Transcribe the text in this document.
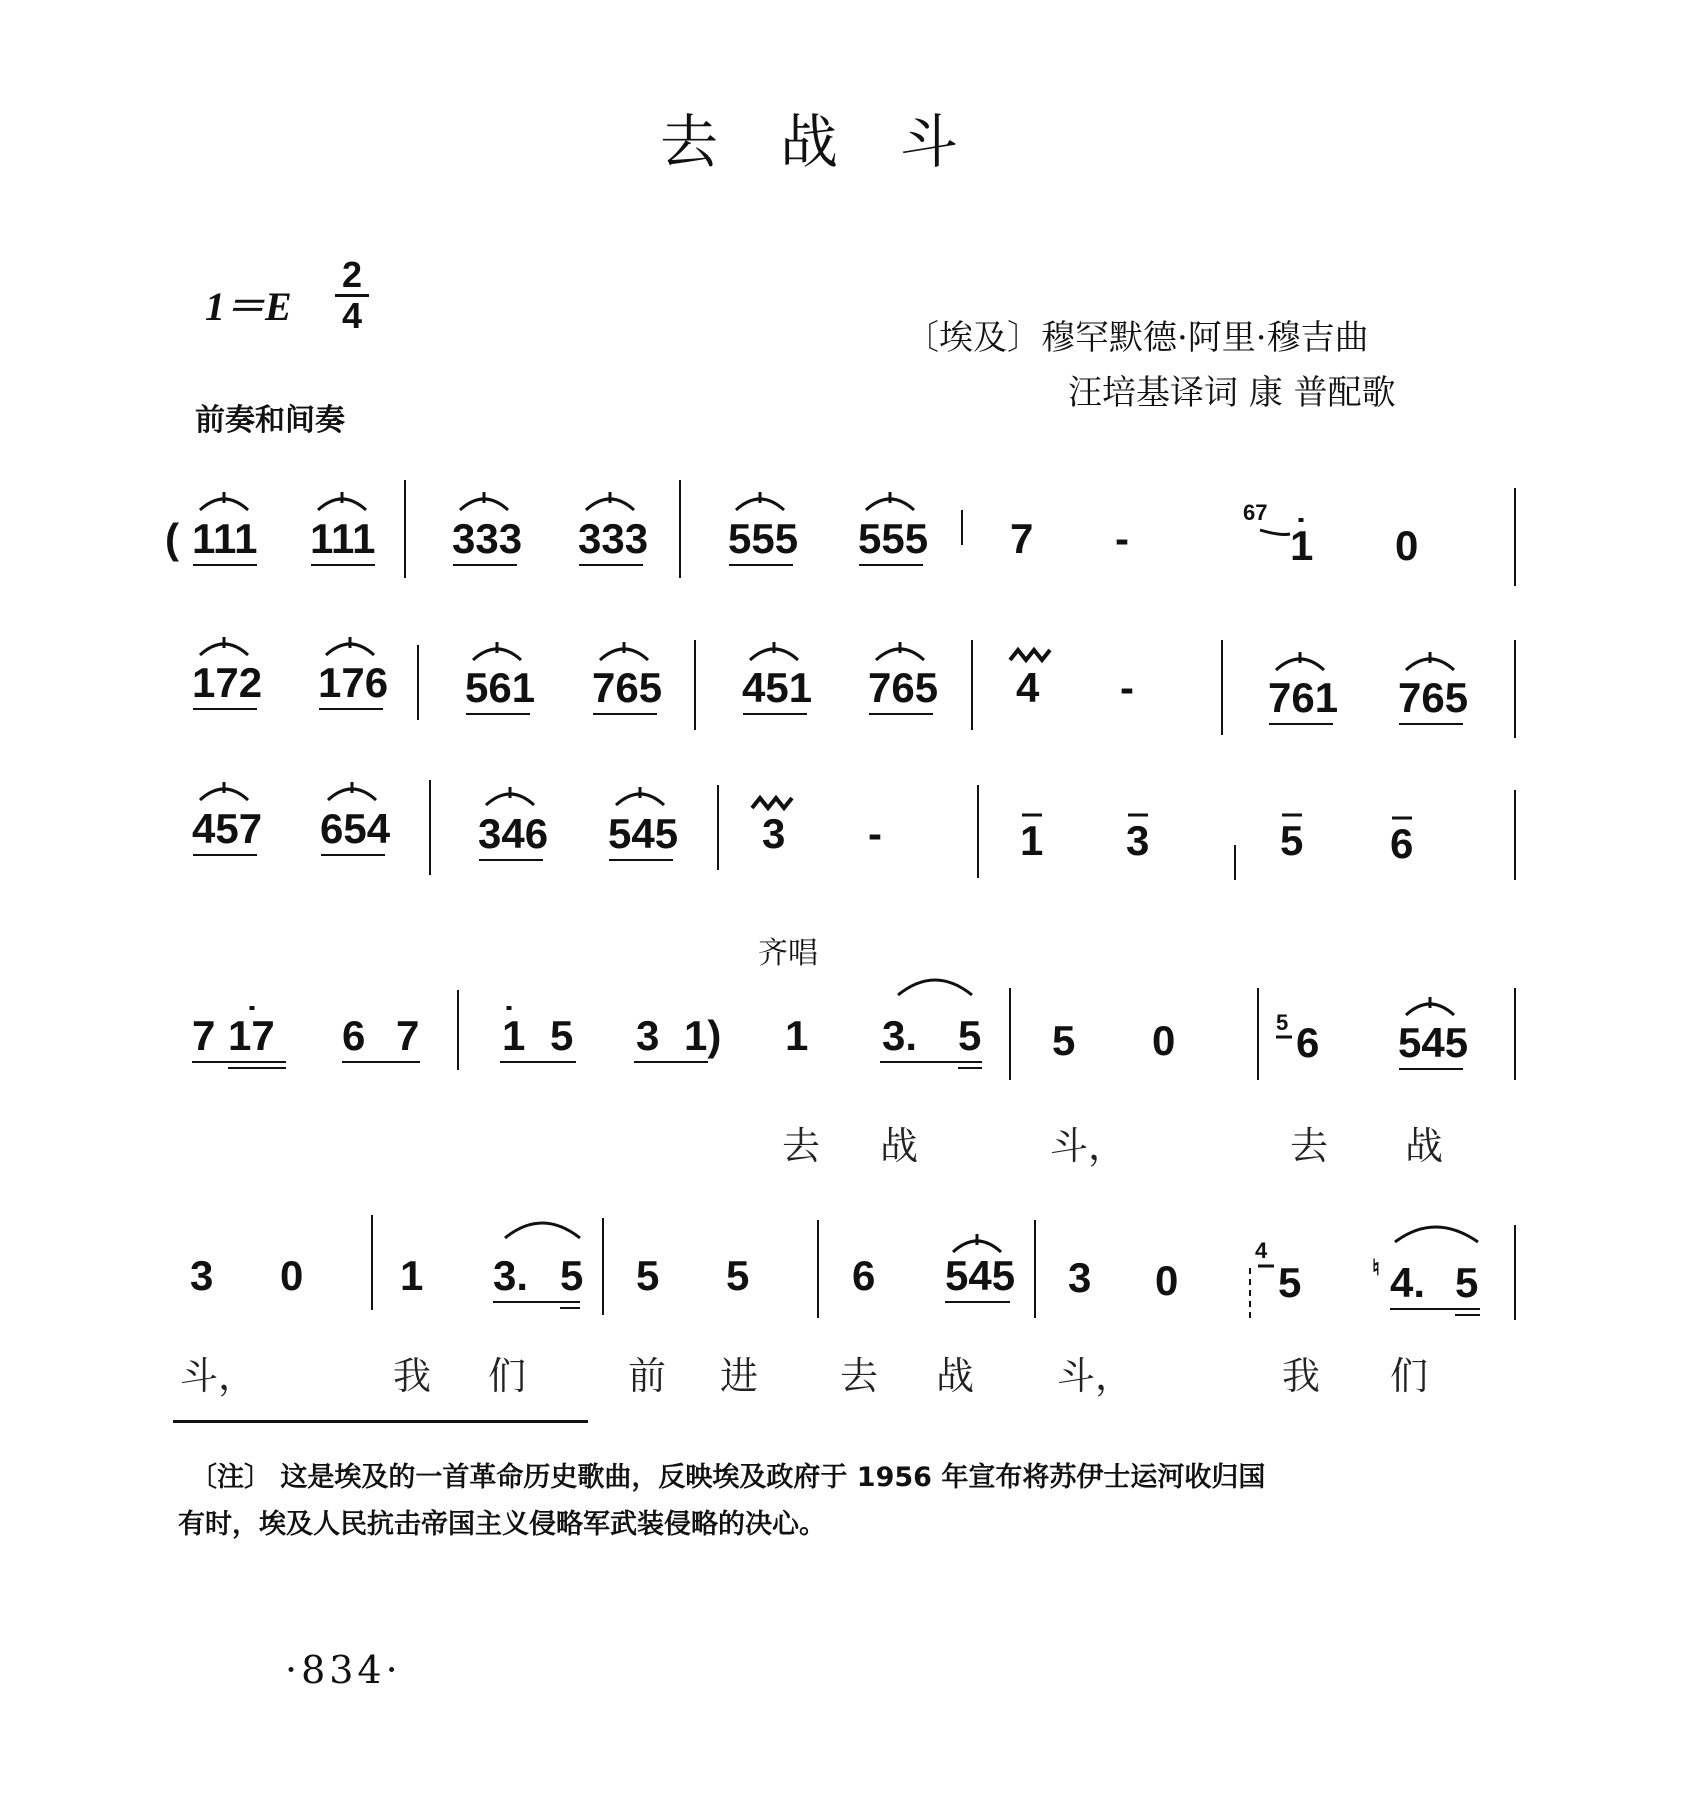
去战斗
1＝E
2
4
〔埃及〕穆罕默德·阿里·穆吉曲
汪培基译词 康 普配歌
前奏和间奏
( 111 111 333 333 555 555 7 -
67
1 0
172 176 561 765 451 765 4 -	761 765
457 654 346 545 3 -	1 3	5 6
7 17 6 7 1 5 3 1) 1 3. 5 5 0	5 6 545
3 0 1 3. 5 5 5 6 545 3 0
4
5	♮ 4. 5
齐唱
去 战	斗，	去 战
斗，	我 们	前 进 去 战 斗，	我 们
〔注〕 这是埃及的一首革命历史歌曲，反映埃及政府于 1956 年宣布将苏伊士运河收归国
有时，埃及人民抗击帝国主义侵略军武装侵略的决心。
·834·
